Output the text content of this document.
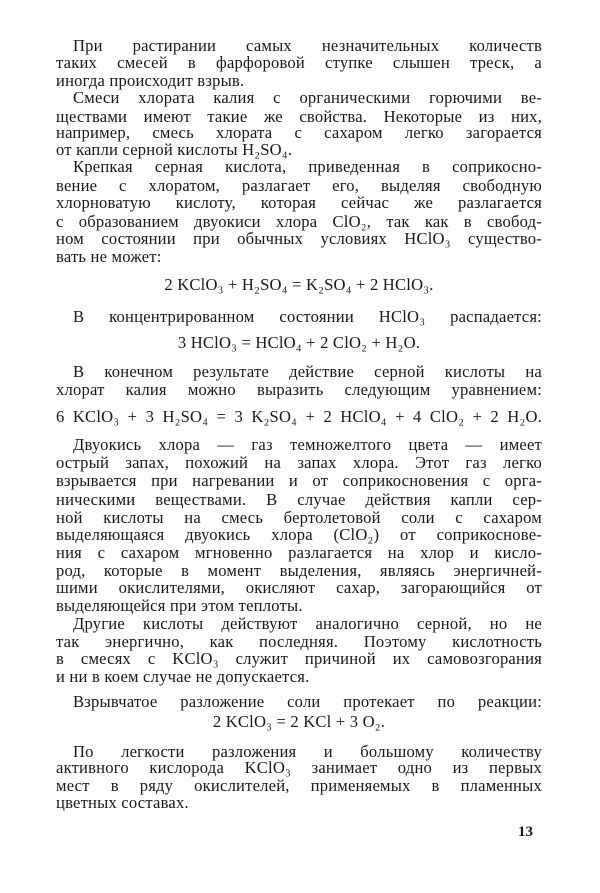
При растирании самых незначительных количеств
таких смесей в фарфоровой ступке слышен треск, а
иногда происходит взрыв.
Смеси хлората калия с органическими горючими ве-
ществами имеют такие же свойства. Некоторые из них,
например, смесь хлората с сахаром легко загорается
от капли серной кислоты H₂SO₄.
Крепкая серная кислота, приведенная в соприкосно-
вение с хлоратом, разлагает его, выделяя свободную
хлорноватую кислоту, которая сейчас же разлагается
с образованием двуокиси хлора ClO₂, так как в свобод-
ном состоянии при обычных условиях HClO₃ существо-
вать не может:
2 KClO₃ + H₂SO₄ = K₂SO₄ + 2 HClO₃.
В концентрированном состоянии HClO₃ распадается:
3 HClO₃ = HClO₄ + 2 ClO₂ + H₂O.
В конечном результате действие серной кислоты на
хлорат калия можно выразить следующим уравнением:
6 KClO₃ + 3 H₂SO₄ = 3 K₂SO₄ + 2 HClO₄ + 4 ClO₂ + 2 H₂O.
Двуокись хлора — газ темножелтого цвета — имеет
острый запах, похожий на запах хлора. Этот газ легко
взрывается при нагревании и от соприкосновения с орга-
ническими веществами. В случае действия капли сер-
ной кислоты на смесь бертолетовой соли с сахаром
выделяющаяся двуокись хлора (ClO₂) от соприкоснове-
ния с сахаром мгновенно разлагается на хлор и кисло-
род, которые в момент выделения, являясь энергичней-
шими окислителями, окисляют сахар, загорающийся от
выделяющейся при этом теплоты.
Другие кислоты действуют аналогично серной, но не
так энергично, как последняя. Поэтому кислотность
в смесях с KClO₃ служит причиной их самовозгорания
и ни в коем случае не допускается.
Взрывчатое разложение соли протекает по реакции:
2 KClO₃ = 2 KCl + 3 O₂.
По легкости разложения и большому количеству
активного кислорода KClO₃ занимает одно из первых
мест в ряду окислителей, применяемых в пламенных
цветных составах.
13
